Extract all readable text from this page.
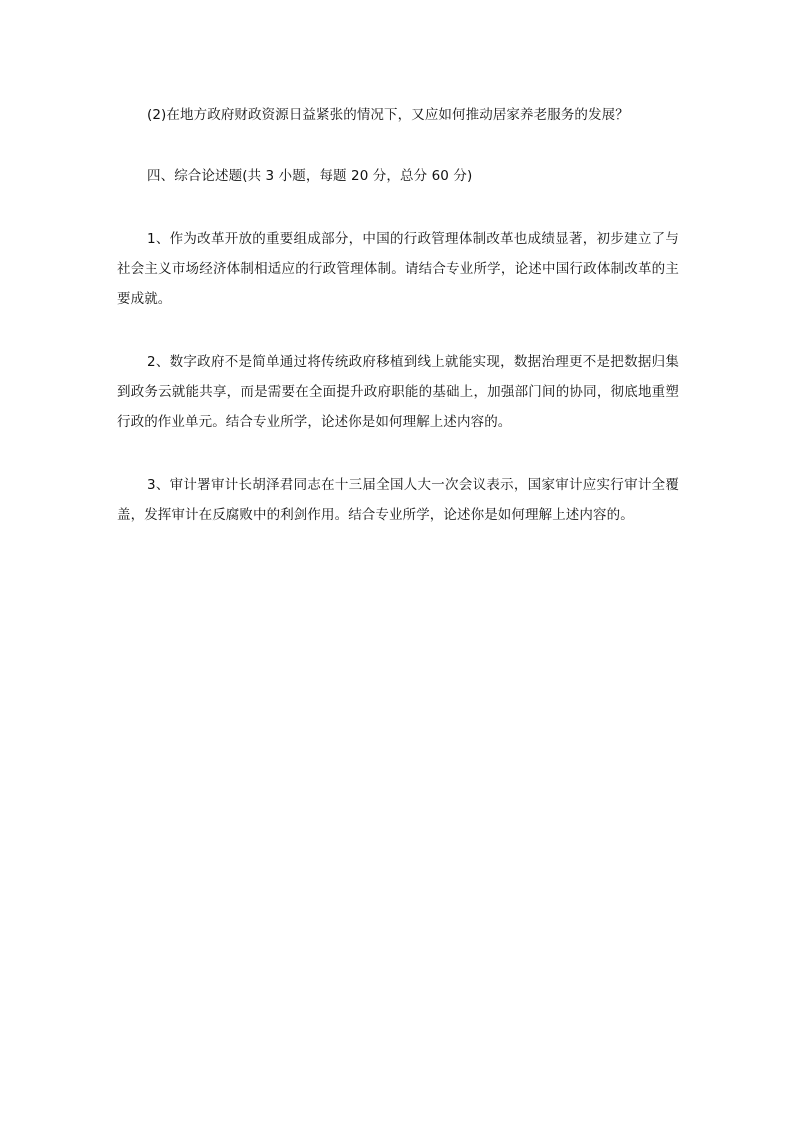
(2)在地方政府财政资源日益紧张的情况下，又应如何推动居家养老服务的发展？

四、综合论述题(共 3 小题，每题 20 分，总分 60 分)

1、作为改革开放的重要组成部分，中国的行政管理体制改革也成绩显著，初步建立了与社会主义市场经济体制相适应的行政管理体制。请结合专业所学，论述中国行政体制改革的主要成就。

2、数字政府不是简单通过将传统政府移植到线上就能实现，数据治理更不是把数据归集到政务云就能共享，而是需要在全面提升政府职能的基础上，加强部门间的协同，彻底地重塑行政的作业单元。结合专业所学，论述你是如何理解上述内容的。

3、审计署审计长胡泽君同志在十三届全国人大一次会议表示，国家审计应实行审计全覆盖，发挥审计在反腐败中的利剑作用。结合专业所学，论述你是如何理解上述内容的。
